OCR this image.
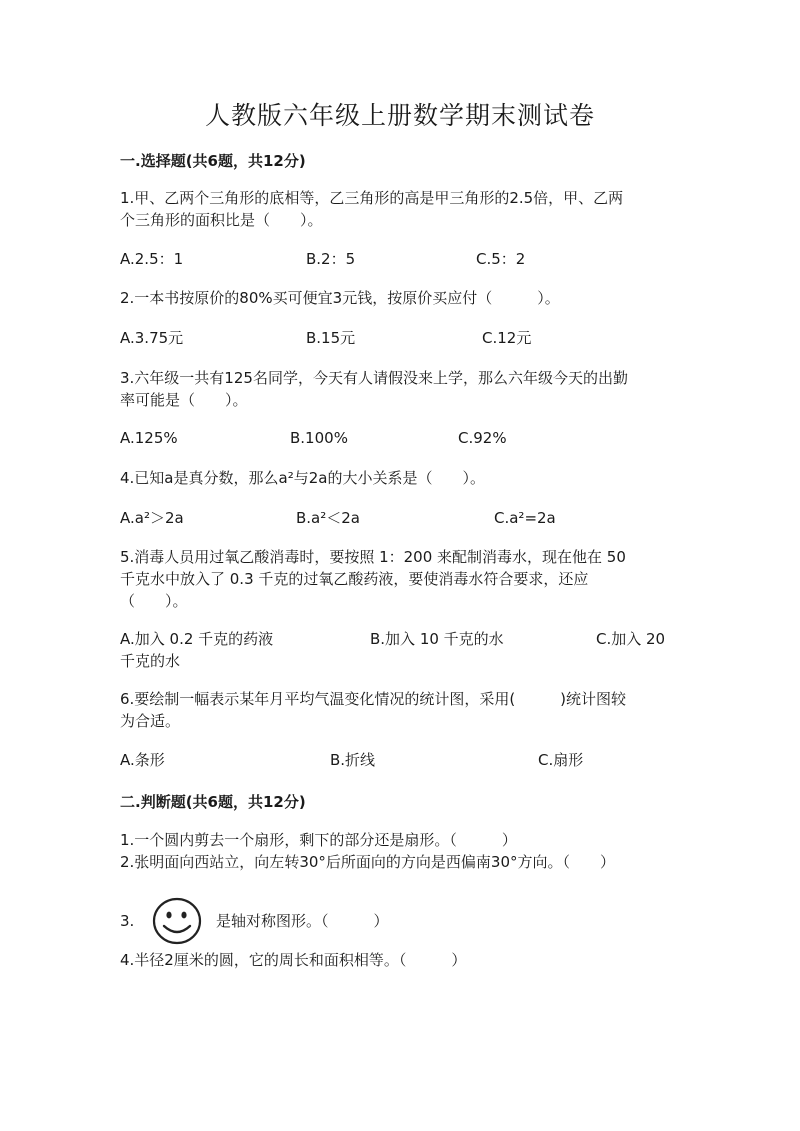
人教版六年级上册数学期末测试卷
一.选择题(共6题，共12分)
1.甲、乙两个三角形的底相等，乙三角形的高是甲三角形的2.5倍，甲、乙两
个三角形的面积比是（　　）。
A.2.5：1	B.2：5	C.5：2
2.一本书按原价的80%买可便宜3元钱，按原价买应付（　　　）。
A.3.75元	B.15元	C.12元
3.六年级一共有125名同学，今天有人请假没来上学，那么六年级今天的出勤
率可能是（　　）。
A.125%	B.100%	C.92%
4.已知a是真分数，那么a²与2a的大小关系是（　　）。
A.a²＞2a	B.a²＜2a	C.a²=2a
5.消毒人员用过氧乙酸消毒时，要按照 1：200 来配制消毒水，现在他在 50
千克水中放入了 0.3 千克的过氧乙酸药液，要使消毒水符合要求，还应
（　　）。
A.加入 0.2 千克的药液	B.加入 10 千克的水	C.加入 20
千克的水
6.要绘制一幅表示某年月平均气温变化情况的统计图，采用(　　　)统计图较
为合适。
A.条形	B.折线	C.扇形
二.判断题(共6题，共12分)
1.一个圆内剪去一个扇形，剩下的部分还是扇形。（　　　）
2.张明面向西站立，向左转30°后所面向的方向是西偏南30°方向。（　　）
3.	是轴对称图形。（　　　）
4.半径2厘米的圆，它的周长和面积相等。（　　　）
